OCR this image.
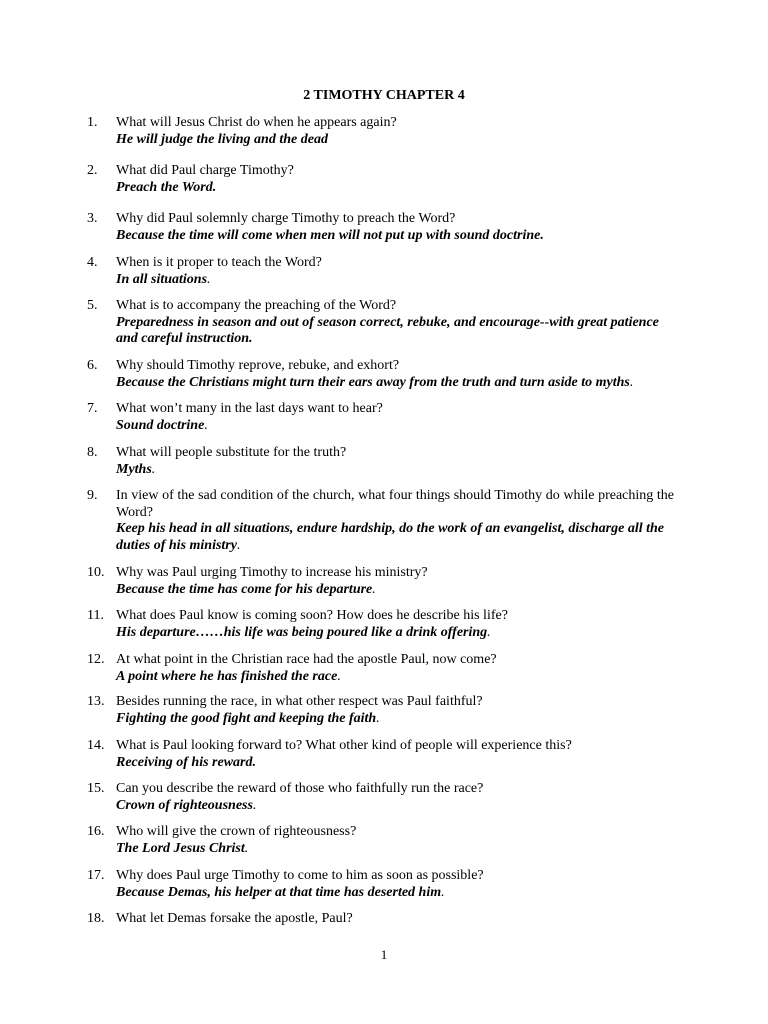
2 TIMOTHY CHAPTER 4
1.	What will Jesus Christ do when he appears again?
He will judge the living and the dead
2.	What did Paul charge Timothy?
Preach the Word.
3.	Why did Paul solemnly charge Timothy to preach the Word?
Because the time will come when men will not put up with sound doctrine.
4.	When is it proper to teach the Word?
In all situations.
5.	What is to accompany the preaching of the Word?
Preparedness in season and out of season correct, rebuke, and encourage--with great patience and careful instruction.
6.	Why should Timothy reprove, rebuke, and exhort?
Because the Christians might turn their ears away from the truth and turn aside to myths.
7.	What won’t many in the last days want to hear?
Sound doctrine.
8.	What will people substitute for the truth?
Myths.
9.	In view of the sad condition of the church, what four things should Timothy do while preaching the Word?
Keep his head in all situations, endure hardship, do the work of an evangelist, discharge all the duties of his ministry.
10. Why was Paul urging Timothy to increase his ministry?
Because the time has come for his departure.
11. What does Paul know is coming soon? How does he describe his life?
His departure……his life was being poured like a drink offering.
12. At what point in the Christian race had the apostle Paul, now come?
A point where he has finished the race.
13. Besides running the race, in what other respect was Paul faithful?
Fighting the good fight and keeping the faith.
14. What is Paul looking forward to? What other kind of people will experience this?
Receiving of his reward.
15. Can you describe the reward of those who faithfully run the race?
Crown of righteousness.
16. Who will give the crown of righteousness?
The Lord Jesus Christ.
17. Why does Paul urge Timothy to come to him as soon as possible?
Because Demas, his helper at that time has deserted him.
18. What let Demas forsake the apostle, Paul?
1
